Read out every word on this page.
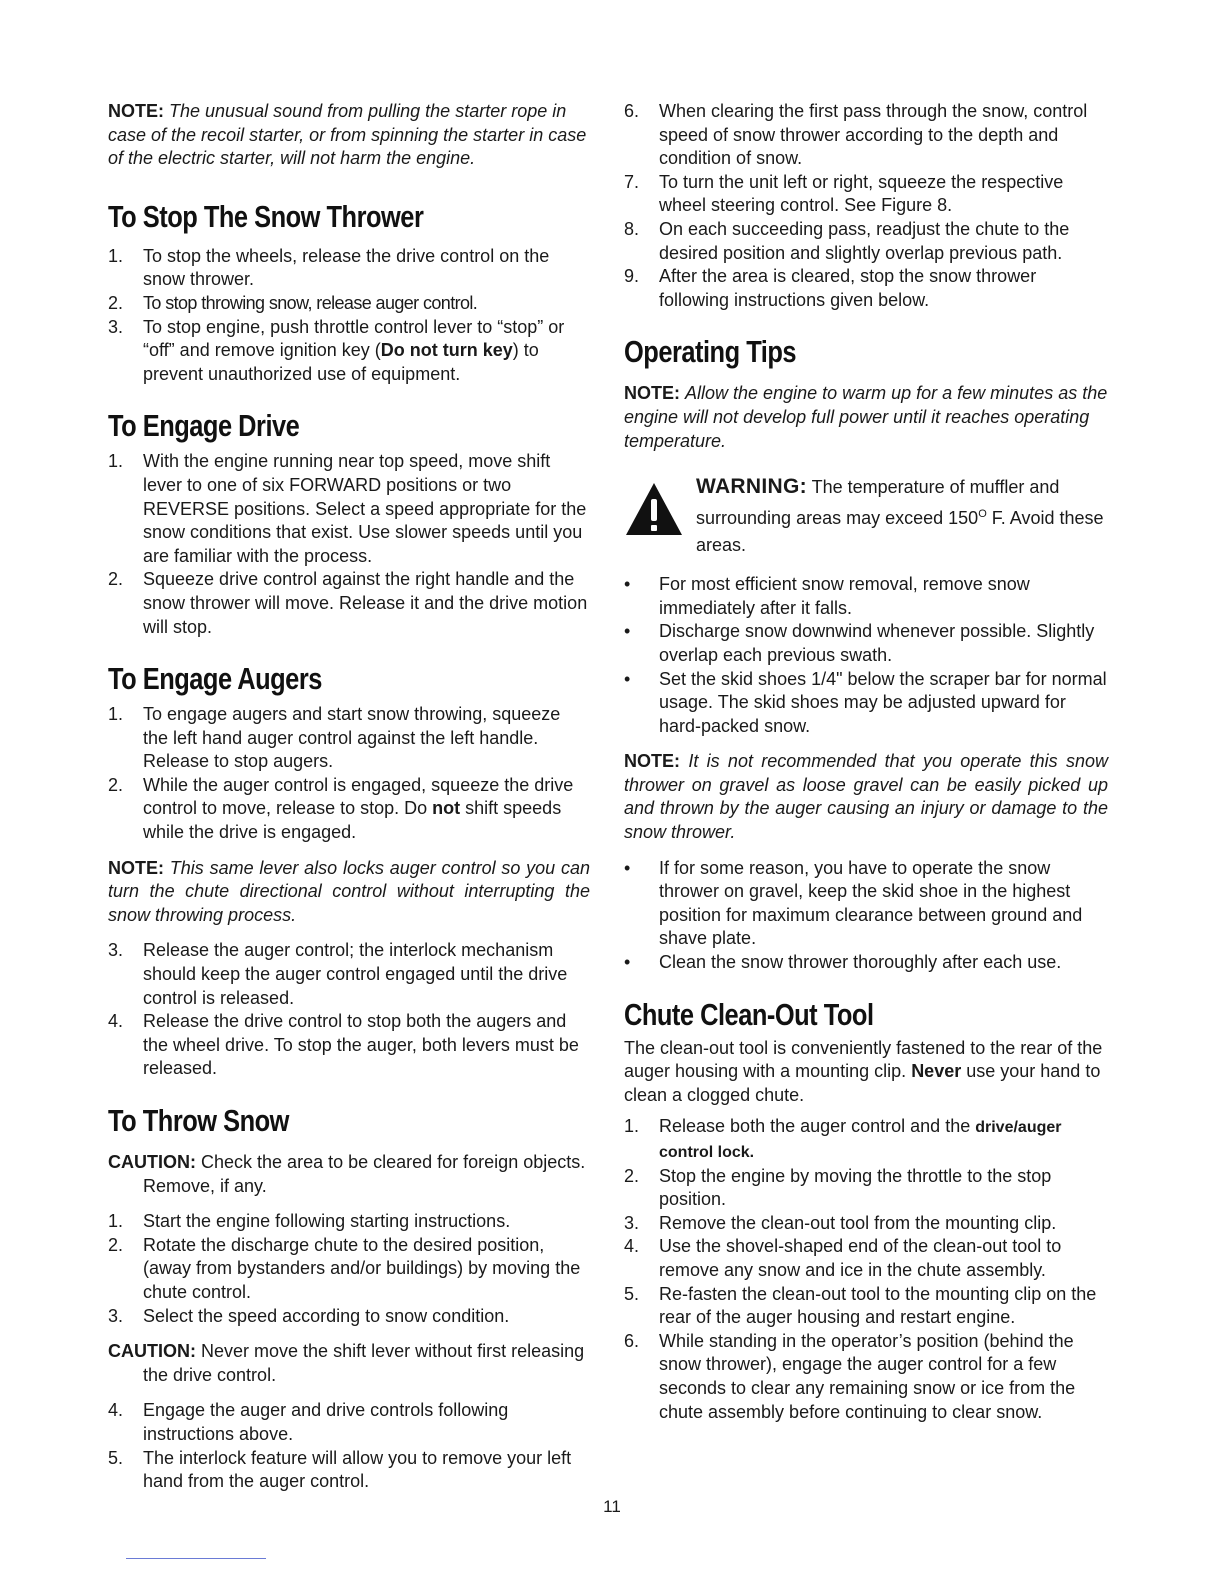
NOTE: The unusual sound from pulling the starter rope in case of the recoil starter, or from spinning the starter in case of the electric starter, will not harm the engine.

To Stop The Snow Thrower
1. To stop the wheels, release the drive control on the snow thrower.
2. To stop throwing snow, release auger control.
3. To stop engine, push throttle control lever to “stop” or “off” and remove ignition key (Do not turn key) to prevent unauthorized use of equipment.
To Engage Drive
1. With the engine running near top speed, move shift lever to one of six FORWARD positions or two REVERSE positions. Select a speed appropriate for the snow conditions that exist. Use slower speeds until you are familiar with the process.
2. Squeeze drive control against the right handle and the snow thrower will move. Release it and the drive motion will stop.
To Engage Augers
1. To engage augers and start snow throwing, squeeze the left hand auger control against the left handle. Release to stop augers.
2. While the auger control is engaged, squeeze the drive control to move, release to stop. Do not shift speeds while the drive is engaged.

NOTE: This same lever also locks auger control so you can turn the chute directional control without interrupting the snow throwing process.

3. Release the auger control; the interlock mechanism should keep the auger control engaged until the drive control is released.
4. Release the drive control to stop both the augers and the wheel drive. To stop the auger, both levers must be released.
To Throw Snow

CAUTION: Check the area to be cleared for foreign objects. Remove, if any.

1. Start the engine following starting instructions.
2. Rotate the discharge chute to the desired position, (away from bystanders and/or buildings) by moving the chute control.
3. Select the speed according to snow condition.

CAUTION: Never move the shift lever without first releasing the drive control.

4. Engage the auger and drive controls following instructions above.
5. The interlock feature will allow you to remove your left hand from the auger control.
6. When clearing the first pass through the snow, control speed of snow thrower according to the depth and condition of snow.
7. To turn the unit left or right, squeeze the respective wheel steering control. See Figure 8.
8. On each succeeding pass, readjust the chute to the desired position and slightly overlap previous path.
9. After the area is cleared, stop the snow thrower following instructions given below.
Operating Tips

NOTE: Allow the engine to warm up for a few minutes as the engine will not develop full power until it reaches operating temperature.

WARNING: The temperature of muffler and surrounding areas may exceed $150^O$ F. Avoid these areas.

• For most efficient snow removal, remove snow immediately after it falls.
• Discharge snow downwind whenever possible. Slightly overlap each previous swath.
• Set the skid shoes 1/4" below the scraper bar for normal usage. The skid shoes may be adjusted upward for hard-packed snow.

NOTE: It is not recommended that you operate this snow thrower on gravel as loose gravel can be easily picked up and thrown by the auger causing an injury or damage to the snow thrower.

• If for some reason, you have to operate the snow thrower on gravel, keep the skid shoe in the highest position for maximum clearance between ground and shave plate.
• Clean the snow thrower thoroughly after each use.
Chute Clean-Out Tool

The clean-out tool is conveniently fastened to the rear of the auger housing with a mounting clip. Never use your hand to clean a clogged chute.

1. Release both the auger control and the drive/auger control lock.
2. Stop the engine by moving the throttle to the stop position.
3. Remove the clean-out tool from the mounting clip.
4. Use the shovel-shaped end of the clean-out tool to remove any snow and ice in the chute assembly.
5. Re-fasten the clean-out tool to the mounting clip on the rear of the auger housing and restart engine.
6. While standing in the operator’s position (behind the snow thrower), engage the auger control for a few seconds to clear any remaining snow or ice from the chute assembly before continuing to clear snow.
11
